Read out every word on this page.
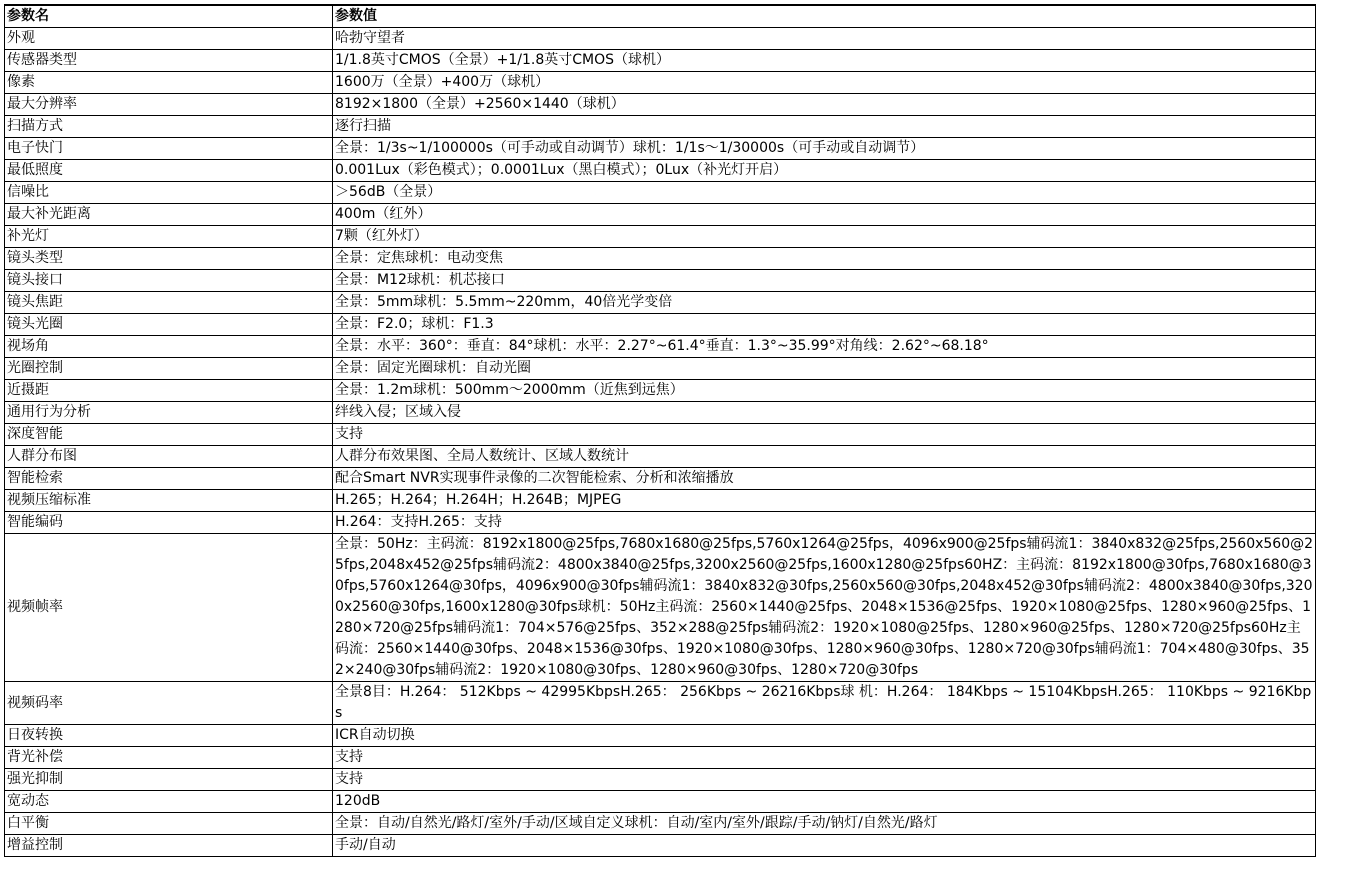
参数名	参数值
外观	哈勃守望者
传感器类型	1/1.8英寸CMOS（全景）+1/1.8英寸CMOS（球机）
像素	1600万（全景）+400万（球机）
最大分辨率	8192×1800（全景）+2560×1440（球机）
扫描方式	逐行扫描
电子快门	全景：1/3s~1/100000s（可手动或自动调节）球机：1/1s～1/30000s（可手动或自动调节）
最低照度	0.001Lux（彩色模式）；0.0001Lux（黑白模式）；0Lux（补光灯开启）
信噪比	＞56dB（全景）
最大补光距离	400m（红外）
补光灯	7颗（红外灯）
镜头类型	全景：定焦球机：电动变焦
镜头接口	全景：M12球机：机芯接口
镜头焦距	全景：5mm球机：5.5mm~220mm，40倍光学变倍
镜头光圈	全景：F2.0；球机：F1.3
视场角	全景：水平：360°：垂直：84°球机：水平：2.27°~61.4°垂直：1.3°~35.99°对角线：2.62°~68.18°
光圈控制	全景：固定光圈球机：自动光圈
近摄距	全景：1.2m球机：500mm～2000mm（近焦到远焦）
通用行为分析	绊线入侵；区域入侵
深度智能	支持
人群分布图	人群分布效果图、全局人数统计、区域人数统计
智能检索	配合Smart NVR实现事件录像的二次智能检索、分析和浓缩播放
视频压缩标准	H.265；H.264；H.264H；H.264B；MJPEG
智能编码	H.264：支持H.265：支持
视频帧率	全景：50Hz：主码流：8192x1800@25fps,7680x1680@25fps,5760x1264@25fps，4096x900@25fps辅码流1：3840x832@25fps,2560x560@25fps,2048x452@25fps辅码流2：4800x3840@25fps,3200x2560@25fps,1600x1280@25fps60HZ：主码流：8192x1800@30fps,7680x1680@30fps,5760x1264@30fps，4096x900@30fps辅码流1：3840x832@30fps,2560x560@30fps,2048x452@30fps辅码流2：4800x3840@30fps,3200x2560@30fps,1600x1280@30fps球机：50Hz主码流：2560×1440@25fps、2048×1536@25fps、1920×1080@25fps、1280×960@25fps、1280×720@25fps辅码流1：704×576@25fps、352×288@25fps辅码流2：1920×1080@25fps、1280×960@25fps、1280×720@25fps60Hz主码流：2560×1440@30fps、2048×1536@30fps、1920×1080@30fps、1280×960@30fps、1280×720@30fps辅码流1：704×480@30fps、352×240@30fps辅码流2：1920×1080@30fps、1280×960@30fps、1280×720@30fps
视频码率	全景8目：H.264： 512Kbps ~ 42995KbpsH.265： 256Kbps ~ 26216Kbps球 机：H.264： 184Kbps ~ 15104KbpsH.265： 110Kbps ~ 9216Kbps
日夜转换	ICR自动切换
背光补偿	支持
强光抑制	支持
宽动态	120dB
白平衡	全景：自动/自然光/路灯/室外/手动/区域自定义球机：自动/室内/室外/跟踪/手动/钠灯/自然光/路灯
增益控制	手动/自动
